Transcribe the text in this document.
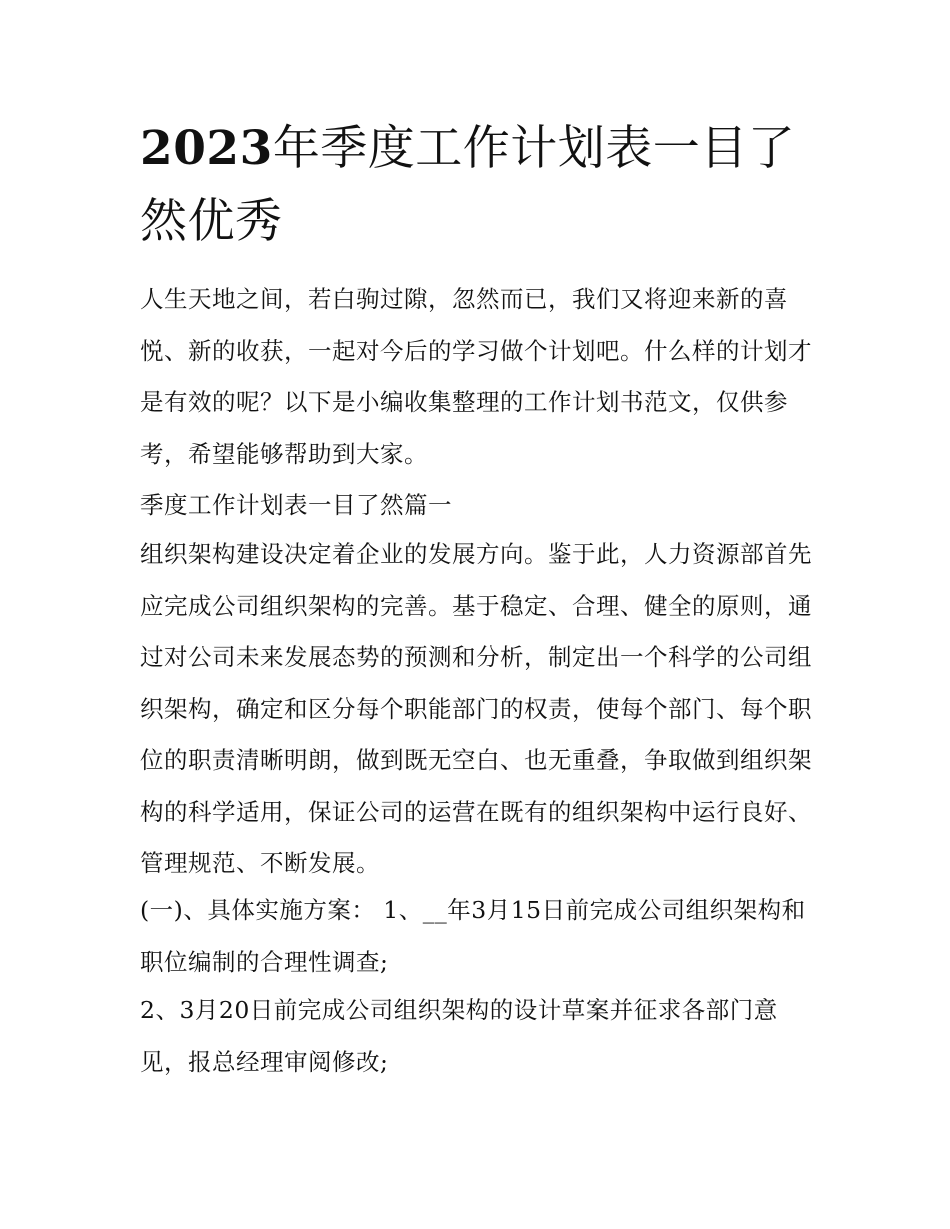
2023年季度工作计划表一目了然优秀

人生天地之间，若白驹过隙，忽然而已，我们又将迎来新的喜悦、新的收获，一起对今后的学习做个计划吧。什么样的计划才是有效的呢？以下是小编收集整理的工作计划书范文，仅供参考，希望能够帮助到大家。

季度工作计划表一目了然篇一

组织架构建设决定着企业的发展方向。鉴于此，人力资源部首先应完成公司组织架构的完善。基于稳定、合理、健全的原则，通过对公司未来发展态势的预测和分析，制定出一个科学的公司组织架构，确定和区分每个职能部门的权责，使每个部门、每个职位的职责清晰明朗，做到既无空白、也无重叠，争取做到组织架构的科学适用，保证公司的运营在既有的组织架构中运行良好、管理规范、不断发展。

(一)、具体实施方案： 1、__年3月15日前完成公司组织架构和职位编制的合理性调查;

2、3月20日前完成公司组织架构的设计草案并征求各部门意见，报总经理审阅修改;
